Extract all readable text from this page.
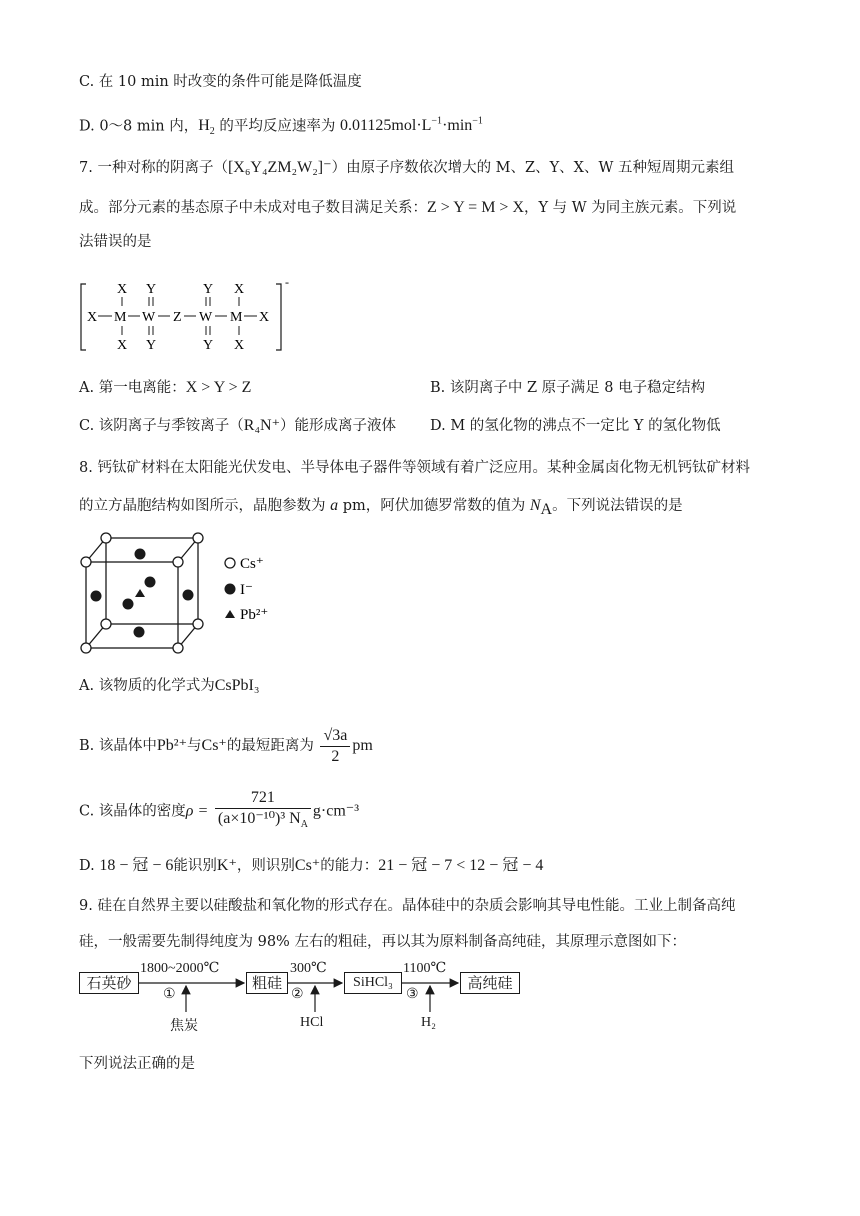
C. 在 10 min 时改变的条件可能是降低温度
D. 0～8 min 内，$H_2$ 的平均反应速率为 $0.01125mol\cdot L^{-1}\cdot\min^{-1}$
7. 一种对称的阴离子（[X₆Y₄ZM₂W₂]⁻）由原子序数依次增大的 M、Z、Y、X、W 五种短周期元素组
成。部分元素的基态原子中未成对电子数目满足关系：Z > Y = M > X，Y 与 W 为同主族元素。下列说
法错误的是
-
X Y	Y X
X M W Z W M X
X Y	Y X
A. 第一电离能：X > Y > Z	B. 该阴离子中 Z 原子满足 8 电子稳定结构
C. 该阴离子与季铵离子（R₄N⁺）能形成离子液体 D. M 的氢化物的沸点不一定比 Y 的氢化物低
8. 钙钛矿材料在太阳能光伏发电、半导体电子器件等领域有着广泛应用。某种金属卤化物无机钙钛矿材料
的立方晶胞结构如图所示，晶胞参数为 a pm，阿伏加德罗常数的值为 $N_A$。下列说法错误的是
Cs⁺
I⁻
Pb²⁺
A. 该物质的化学式为CsPbI₃
B. 该晶体中Pb²⁺与Cs⁺的最短距离为 $\frac{√3a}{2}$ pm
C. 该晶体的密度$\rho = \frac{721}{(a\times 10^{-10})^3 N_A} g\cdot cm^{-3}$
D. 18 − 冠 − 6能识别K⁺，则识别Cs⁺的能力：21 − 冠 − 7 < 12 − 冠 − 4
9. 硅在自然界主要以硅酸盐和氧化物的形式存在。晶体硅中的杂质会影响其导电性能。工业上制备高纯
硅，一般需要先制得纯度为 98% 左右的粗硅，再以其为原料制备高纯硅，其原理示意图如下：
石英砂	粗硅	SiHCl₃	高纯硅
1800~2000℃	300℃	1100℃
①	②	③
焦炭	HCl	H₂
下列说法正确的是
